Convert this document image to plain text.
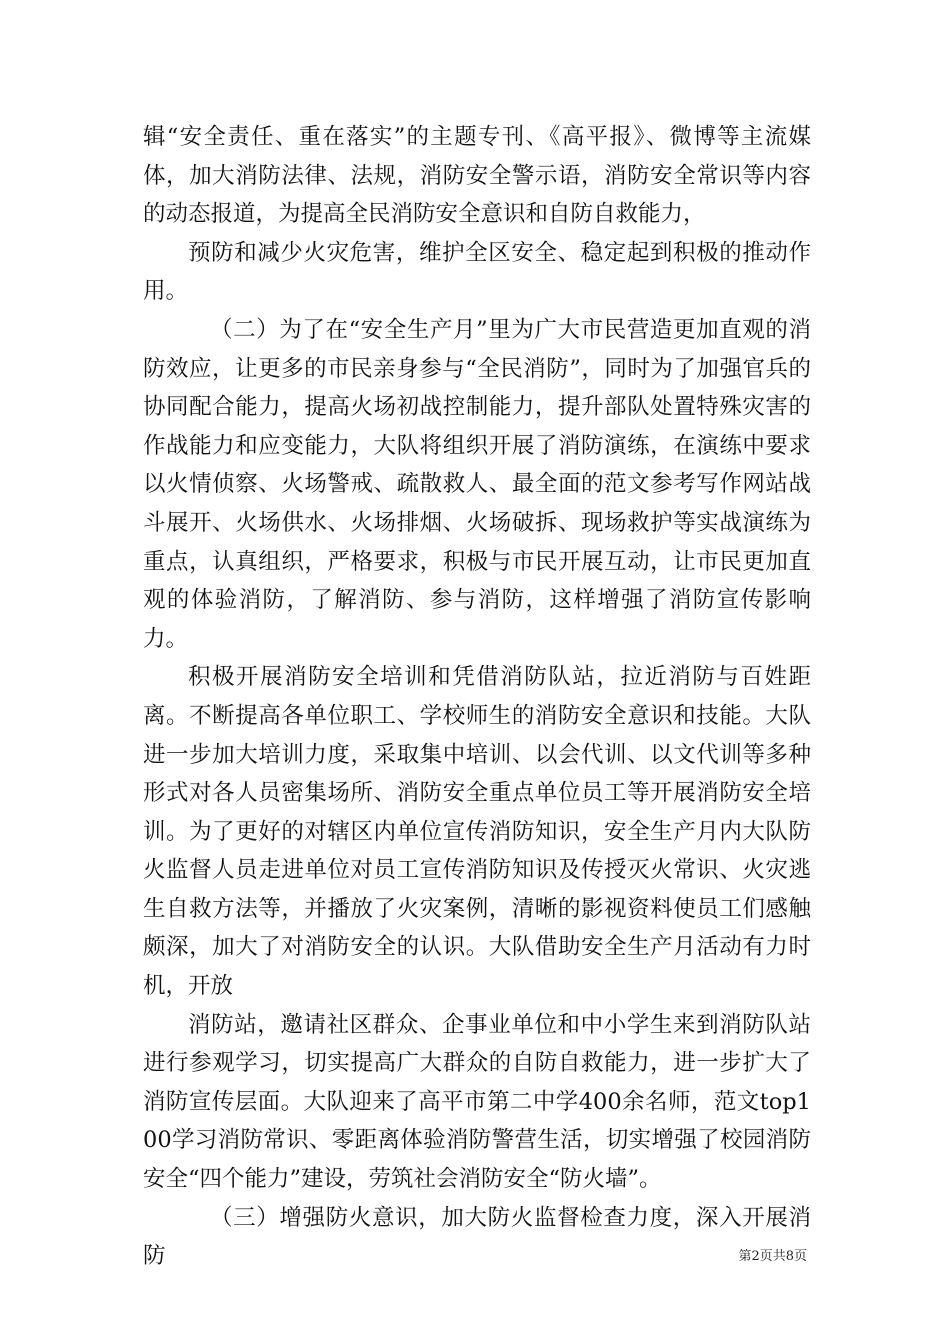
辑“安全责任、重在落实”的主题专刊、《高平报》、微博等主流媒体，加大消防法律、法规，消防安全警示语，消防安全常识等内容的动态报道，为提高全民消防安全意识和自防自救能力，

预防和减少火灾危害，维护全区安全、稳定起到积极的推动作用。

（二）为了在“安全生产月”里为广大市民营造更加直观的消防效应，让更多的市民亲身参与“全民消防”，同时为了加强官兵的协同配合能力，提高火场初战控制能力，提升部队处置特殊灾害的作战能力和应变能力，大队将组织开展了消防演练，在演练中要求以火情侦察、火场警戒、疏散救人、最全面的范文参考写作网站战斗展开、火场供水、火场排烟、火场破拆、现场救护等实战演练为重点，认真组织，严格要求，积极与市民开展互动，让市民更加直观的体验消防，了解消防、参与消防，这样增强了消防宣传影响力。

积极开展消防安全培训和凭借消防队站，拉近消防与百姓距离。不断提高各单位职工、学校师生的消防安全意识和技能。大队进一步加大培训力度，采取集中培训、以会代训、以文代训等多种形式对各人员密集场所、消防安全重点单位员工等开展消防安全培训。为了更好的对辖区内单位宣传消防知识，安全生产月内大队防火监督人员走进单位对员工宣传消防知识及传授灭火常识、火灾逃生自救方法等，并播放了火灾案例，清晰的影视资料使员工们感触颇深，加大了对消防安全的认识。大队借助安全生产月活动有力时机，开放

消防站，邀请社区群众、企事业单位和中小学生来到消防队站进行参观学习，切实提高广大群众的自防自救能力，进一步扩大了消防宣传层面。大队迎来了高平市第二中学400余名师，范文top100学习消防常识、零距离体验消防警营生活，切实增强了校园消防安全“四个能力”建设，劳筑社会消防安全“防火墙”。

（三）增强防火意识，加大防火监督检查力度，深入开展消防	第2页共8页
